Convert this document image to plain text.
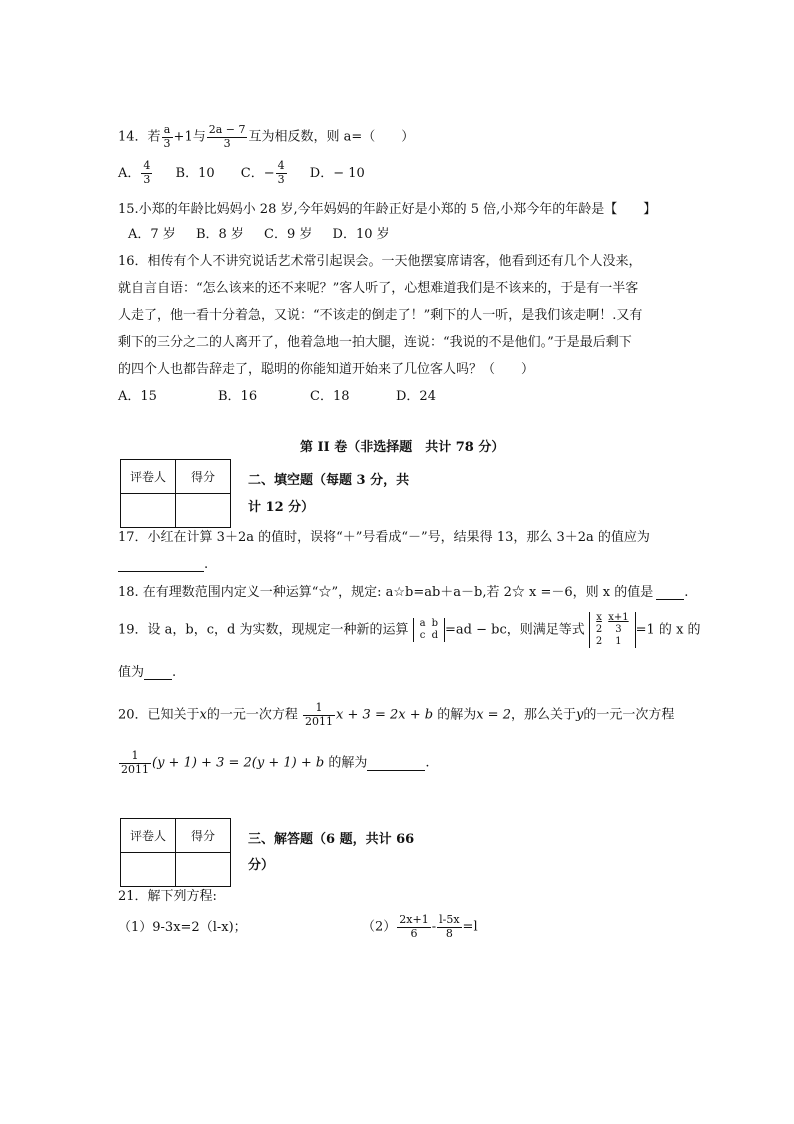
14．若 $\frac{a}{3} +1$与 $\frac{2a - 7}{3}$ 互为相反数，则 a=（　　）
A． $\frac{4}{3}$ B．10 C．− $\frac{4}{3}$ D．− 10
15.小郑的年龄比妈妈小 28 岁,今年妈妈的年龄正好是小郑的 5 倍,小郑今年的年龄是【　　】
A．7 岁 B．8 岁 C．9 岁 D．10 岁
16．相传有个人不讲究说话艺术常引起误会。一天他摆宴席请客，他看到还有几个人没来，
就自言自语：“怎么该来的还不来呢？”客人听了，心想难道我们是不该来的，于是有一半客
人走了，他一看十分着急，又说：“不该走的倒走了！”剩下的人一听，是我们该走啊！.又有
剩下的三分之二的人离开了，他着急地一拍大腿，连说：“我说的不是他们。”于是最后剩下
的四个人也都告辞走了，聪明的你能知道开始来了几位客人吗？（　　）
A．15	B．16	C．18	D．24
第 II 卷（非选择题　共计 78 分）
评卷人	得分
		二、填空题（每题 3 分，共
计 12 分）
17．小红在计算 3＋2a 的值时，误将“＋”号看成“－”号，结果得 13，那么 3＋2a 的值应为
.
18. 在有理数范围内定义一种运算“☆”，规定: a☆b=ab＋a－b,若 2☆ x =－6，则 x 的值是 .
19．设 a，b，c，d 为实数，现规定一种新的运算 a	b
c	d =ad − bc，则满足等式
x	x+1
2	3
2	1
=1 的 x 的
值为 .
20．已知关于x的一元一次方程 $\frac{1}{2011}$ x + 3 = 2x + b 的解为x = 2，那么关于y的一元一次方程
$\frac{1}{2011} (y + 1) + 3 = 2(y + 1) + b$ 的解为	.
评卷人	得分
		三、解答题（6 题，共计 66
分）
21．解下列方程:
（1）9-3x=2（l-x)；	$(2) \frac{2x+1}{6} - \frac{l-5x}{8} =l$
